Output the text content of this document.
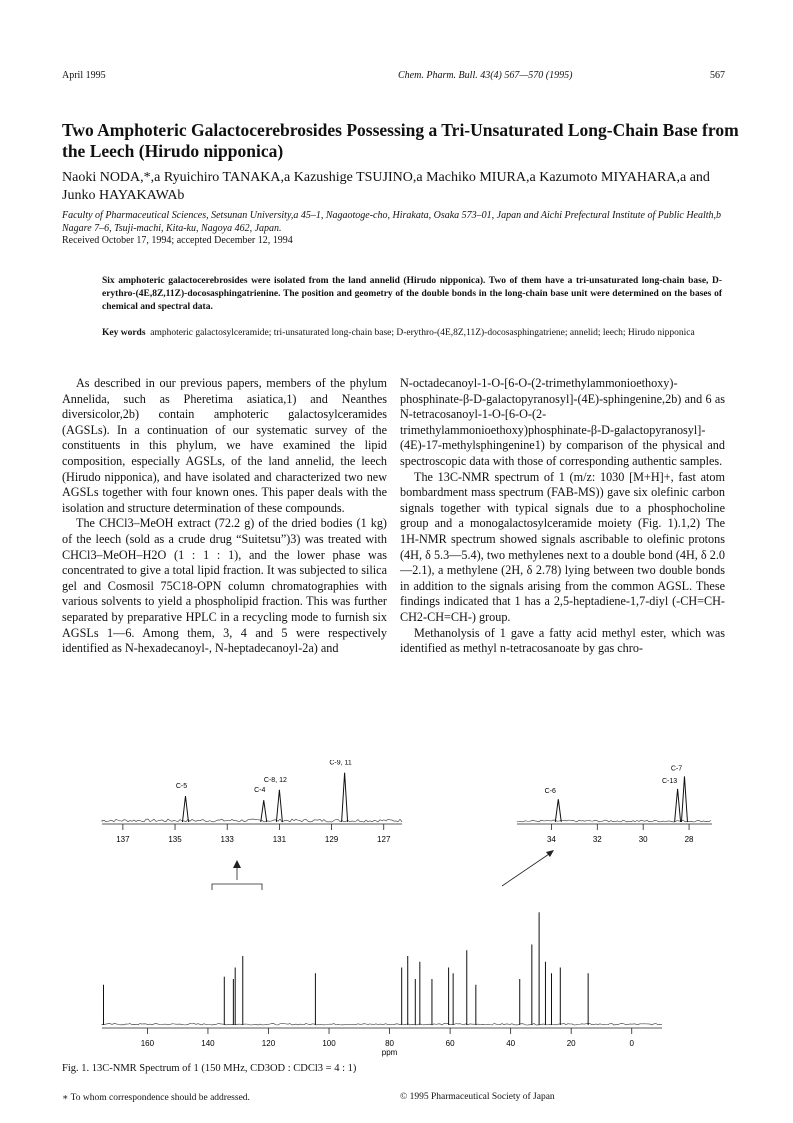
April 1995	Chem. Pharm. Bull. 43(4) 567—570 (1995)	567
Two Amphoteric Galactocerebrosides Possessing a Tri-Unsaturated Long-Chain Base from the Leech (Hirudo nipponica)
Naoki NODA,*,a Ryuichiro TANAKA,a Kazushige TSUJINO,a Machiko MIURA,a Kazumoto MIYAHARA,a and Junko HAYAKAWAb
Faculty of Pharmaceutical Sciences, Setsunan University,a 45–1, Nagaotoge-cho, Hirakata, Osaka 573–01, Japan and Aichi Prefectural Institute of Public Health,b Nagare 7–6, Tsuji-machi, Kita-ku, Nagoya 462, Japan.
Received October 17, 1994; accepted December 12, 1994
Six amphoteric galactocerebrosides were isolated from the land annelid (Hirudo nipponica). Two of them have a tri-unsaturated long-chain base, D-erythro-(4E,8Z,11Z)-docosasphingatrienine. The position and geometry of the double bonds in the long-chain base unit were determined on the bases of chemical and spectral data.
Key words amphoteric galactosylceramide; tri-unsaturated long-chain base; D-erythro-(4E,8Z,11Z)-docosasphingatriene; annelid; leech; Hirudo nipponica

As described in our previous papers, members of the phylum Annelida, such as Pheretima asiatica,1) and Neanthes diversicolor,2b) contain amphoteric galactosylceramides (AGSLs). In a continuation of our systematic survey of the constituents in this phylum, we have examined the lipid composition, especially AGSLs, of the land annelid, the leech (Hirudo nipponica), and have isolated and characterized two new AGSLs together with four known ones. This paper deals with the isolation and structure determination of these compounds.

The CHCl3–MeOH extract (72.2 g) of the dried bodies (1 kg) of the leech (sold as a crude drug “Suitetsu”)3) was treated with CHCl3–MeOH–H2O (1 : 1 : 1), and the lower phase was concentrated to give a total lipid fraction. It was subjected to silica gel and Cosmosil 75C18-OPN column chromatographies with various solvents to yield a phospholipid fraction. This was further separated by preparative HPLC in a recycling mode to furnish six AGSLs 1—6. Among them, 3, 4 and 5 were respectively identified as N-hexadecanoyl-, N-heptadecanoyl-2a) and

N-octadecanoyl-1-O-[6-O-(2-trimethylammonioethoxy)-phosphinate-β-D-galactopyranosyl]-(4E)-sphingenine,2b) and 6 as N-tetracosanoyl-1-O-[6-O-(2-trimethylammonioethoxy)phosphinate-β-D-galactopyranosyl]-(4E)-17-methylsphingenine1) by comparison of the physical and spectroscopic data with those of corresponding authentic samples.

The 13C-NMR spectrum of 1 (m/z: 1030 [M+H]+, fast atom bombardment mass spectrum (FAB-MS)) gave six olefinic carbon signals together with typical signals due to a phosphocholine group and a monogalactosylceramide moiety (Fig. 1).1,2) The 1H-NMR spectrum showed signals ascribable to olefinic protons (4H, δ 5.3—5.4), two methylenes next to a double bond (4H, δ 2.0—2.1), a methylene (2H, δ 2.78) lying between two double bonds in addition to the signals arising from the common AGSL. These findings indicated that 1 has a 2,5-heptadiene-1,7-diyl (-CH=CH-CH2-CH=CH-) group.

Methanolysis of 1 gave a fatty acid methyl ester, which was identified as methyl n-tetracosanoate by gas chro-

C-5
C-4
C-8, 12
C-9, 11
137	135	133	131	129	127
C-6
C-13
C-7
34	32	30	28
160	140	120	100	80	60	40	20	0
ppm
Fig. 1. 13C-NMR Spectrum of 1 (150 MHz, CD3OD : CDCl3 = 4 : 1)
∗ To whom correspondence should be addressed.	© 1995 Pharmaceutical Society of Japan
